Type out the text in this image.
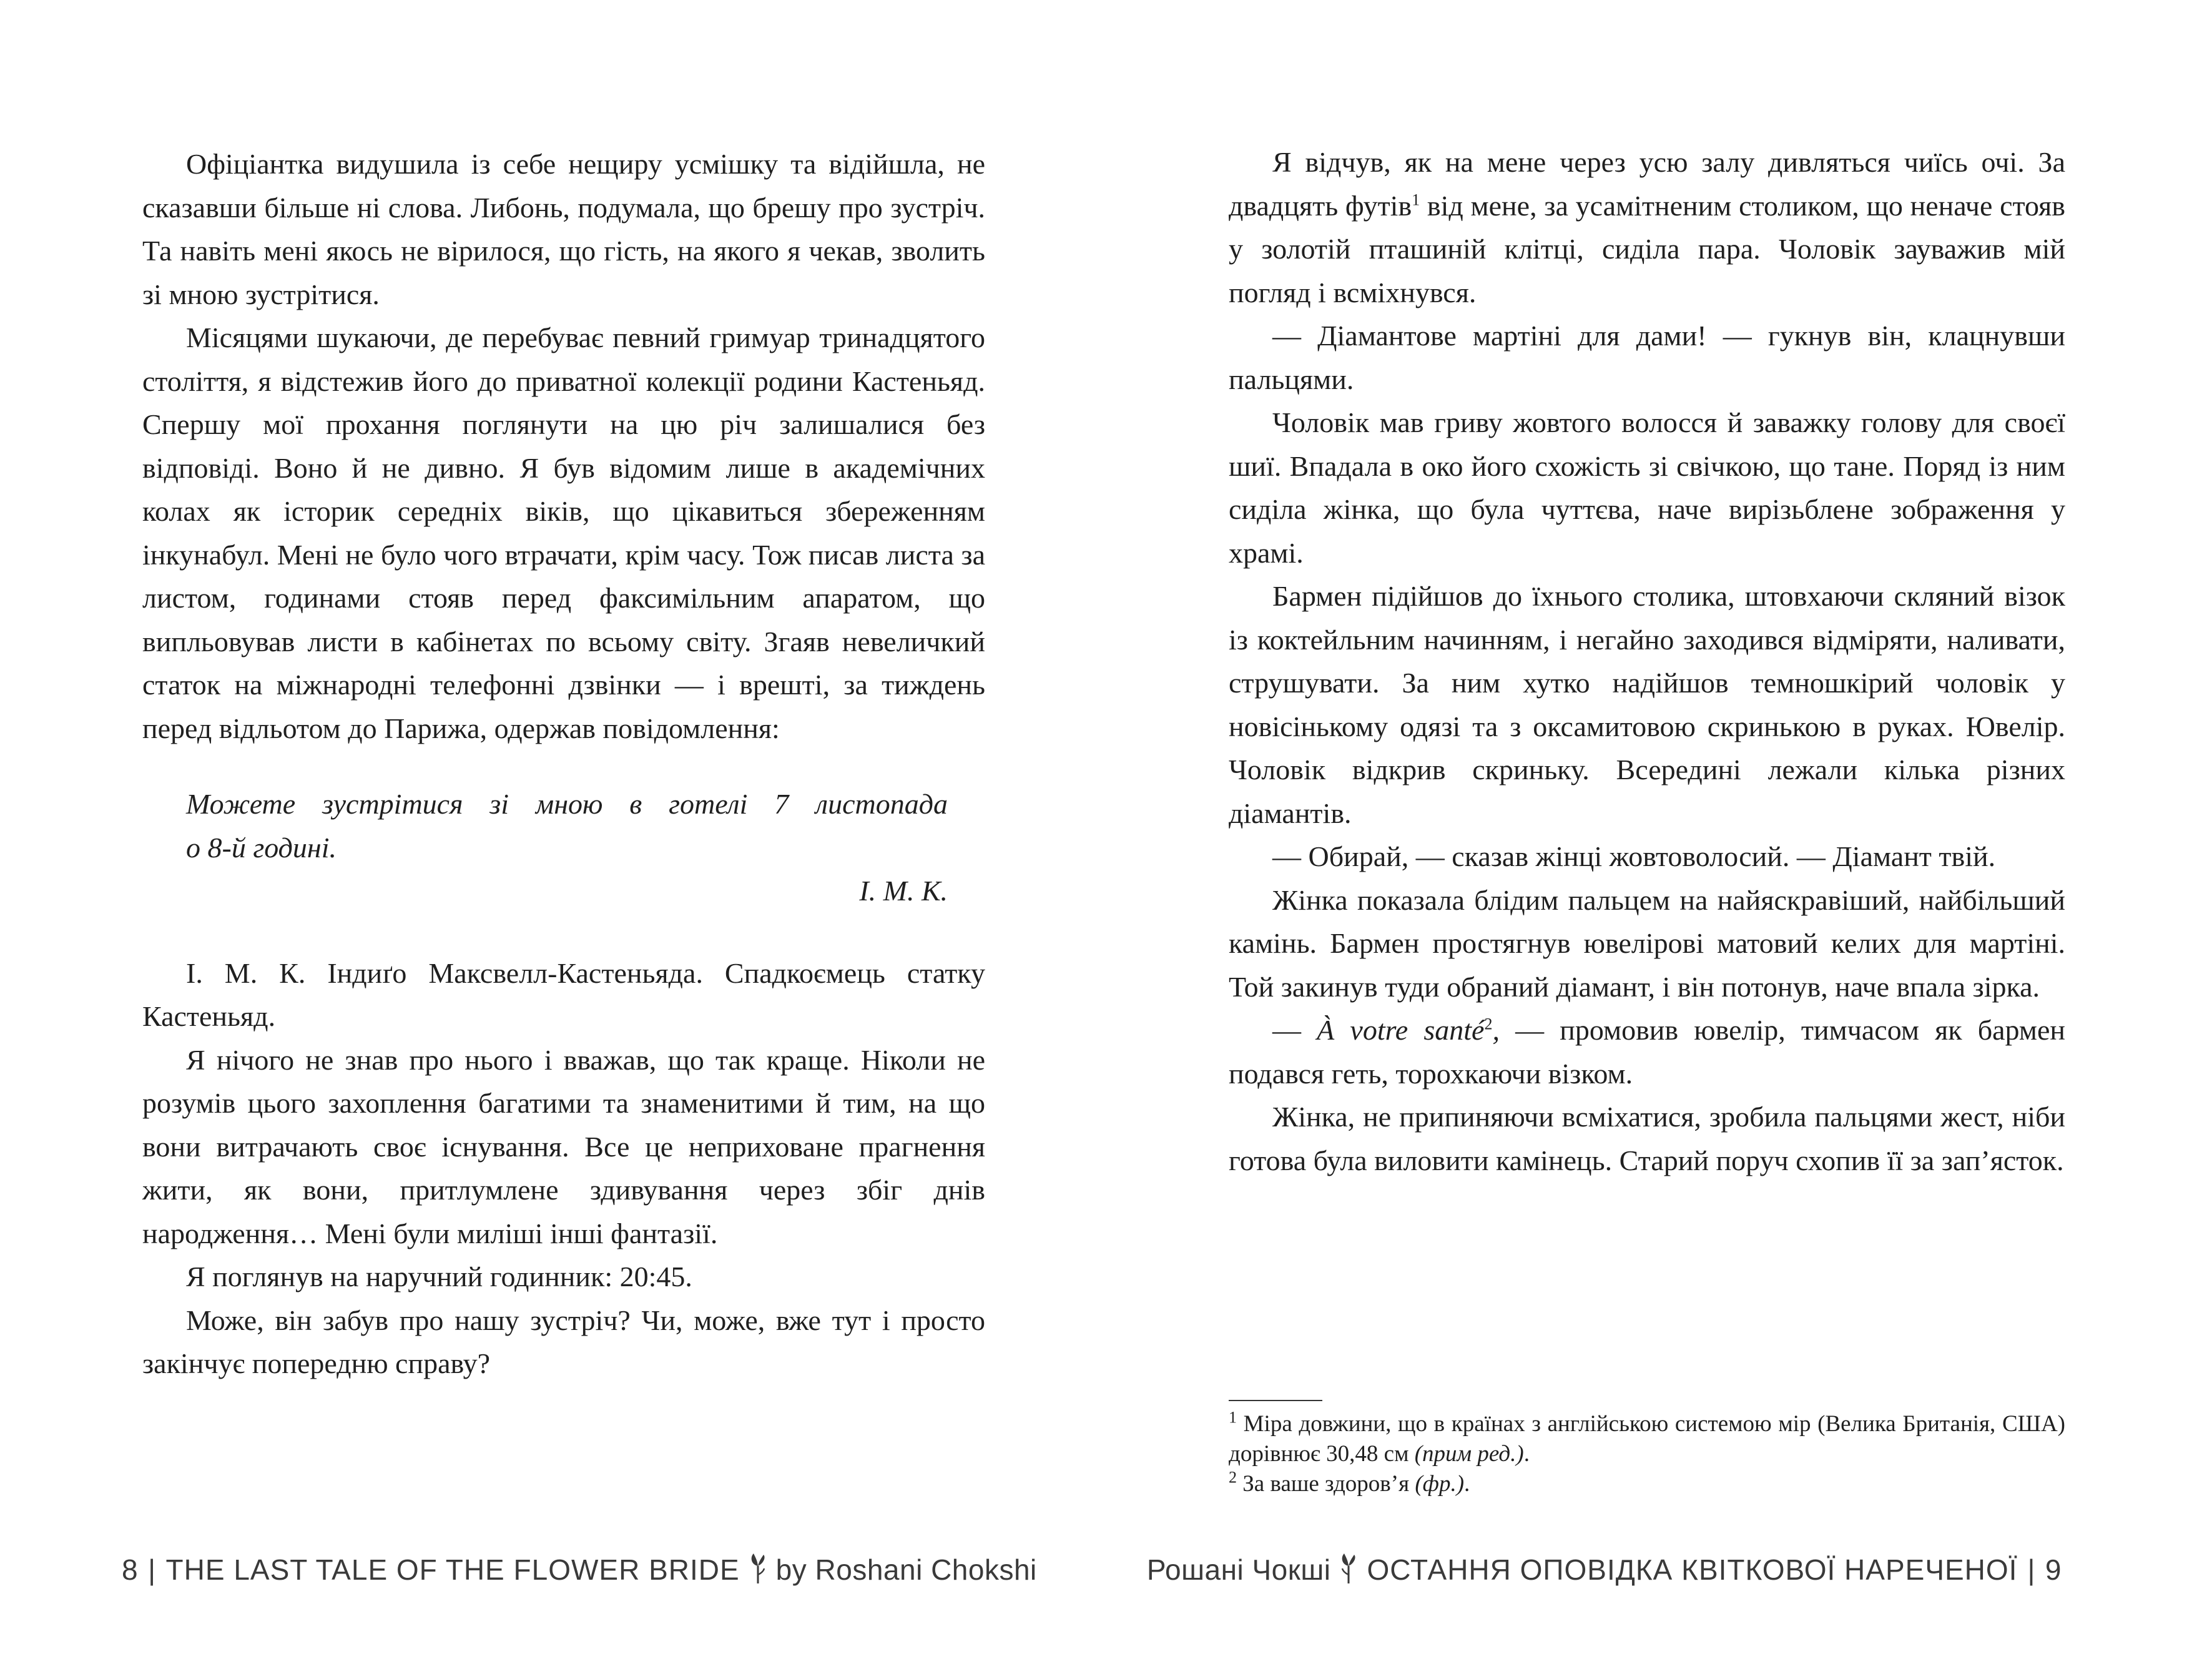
Офіціантка видушила із себе нещиру усмішку та відійшла, не сказавши більше ні слова. Либонь, подумала, що брешу про зустріч. Та навіть мені якось не вірилося, що гість, на якого я чекав, зволить зі мною зустрітися.

Місяцями шукаючи, де перебуває певний гримуар тринадцятого століття, я відстежив його до приватної колекції родини Кастеньяд. Спершу мої прохання поглянути на цю річ залишалися без відповіді. Воно й не дивно. Я був відомим лише в академічних колах як історик середніх віків, що цікавиться збереженням інкунабул. Мені не було чого втрачати, крім часу. Тож писав листа за листом, годинами стояв перед факсимільним апаратом, що випльовував листи в кабінетах по всьому світу. Згаяв невеличкий статок на міжнародні телефонні дзвінки — і врешті, за тиждень перед відльотом до Парижа, одержав повідомлення:

Можете зустрітися зі мною в готелі 7 листопада
о 8-й годині.
І. М. К.

І. М. К. Індиґо Максвелл-Кастеньяда. Спадкоємець статку Кастеньяд.

Я нічого не знав про нього і вважав, що так краще. Ніколи не розумів цього захоплення багатими та знаменитими й тим, на що вони витрачають своє існування. Все це неприховане прагнення жити, як вони, притлумлене здивування через збіг днів народження… Мені були миліші інші фантазії.

Я поглянув на наручний годинник: 20:45.

Може, він забув про нашу зустріч? Чи, може, вже тут і просто закінчує попередню справу?

8 | THE LAST TALE OF THE FLOWER BRIDE by Roshani Chokshi

Я відчув, як на мене через усю залу дивляться чиїсь очі. За двадцять футів$^1$ від мене, за усамітненим столиком, що неначе стояв у золотій пташиній клітці, сиділа пара. Чоловік зауважив мій погляд і всміхнувся.

— Діамантове мартіні для дами! — гукнув він, клацнувши пальцями.

Чоловік мав гриву жовтого волосся й заважку голову для своєї шиї. Впадала в око його схожість зі свічкою, що тане. Поряд із ним сиділа жінка, що була чуттєва, наче вирізьблене зображення у храмі.

Бармен підійшов до їхнього столика, штовхаючи скляний візок із коктейльним начинням, і негайно заходився відміряти, наливати, струшувати. За ним хутко надійшов темношкірий чоловік у новісінькому одязі та з оксамитовою скринькою в руках. Ювелір. Чоловік відкрив скриньку. Всередині лежали кілька різних діамантів.

— Обирай, — сказав жінці жовтоволосий. — Діамант твій.

Жінка показала блідим пальцем на найяскравіший, найбільший камінь. Бармен простягнув ювелірові матовий келих для мартіні. Той закинув туди обраний діамант, і він потонув, наче впала зірка.

— À votre santé$^2$, — промовив ювелір, тимчасом як бармен подався геть, торохкаючи візком.

Жінка, не припиняючи всміхатися, зробила пальцями жест, ніби готова була виловити камінець. Старий поруч схопив її за зап’ясток.

$^1$ Міра довжини, що в країнах з англійською системою мір (Велика Британія, США) дорівнює 30,48 см (прим ред.).

$^2$ За ваше здоров’я (фр.).

Рошані Чокші ОСТАННЯ ОПОВІДКА КВІТКОВОЇ НАРЕЧЕНОЇ | 9
